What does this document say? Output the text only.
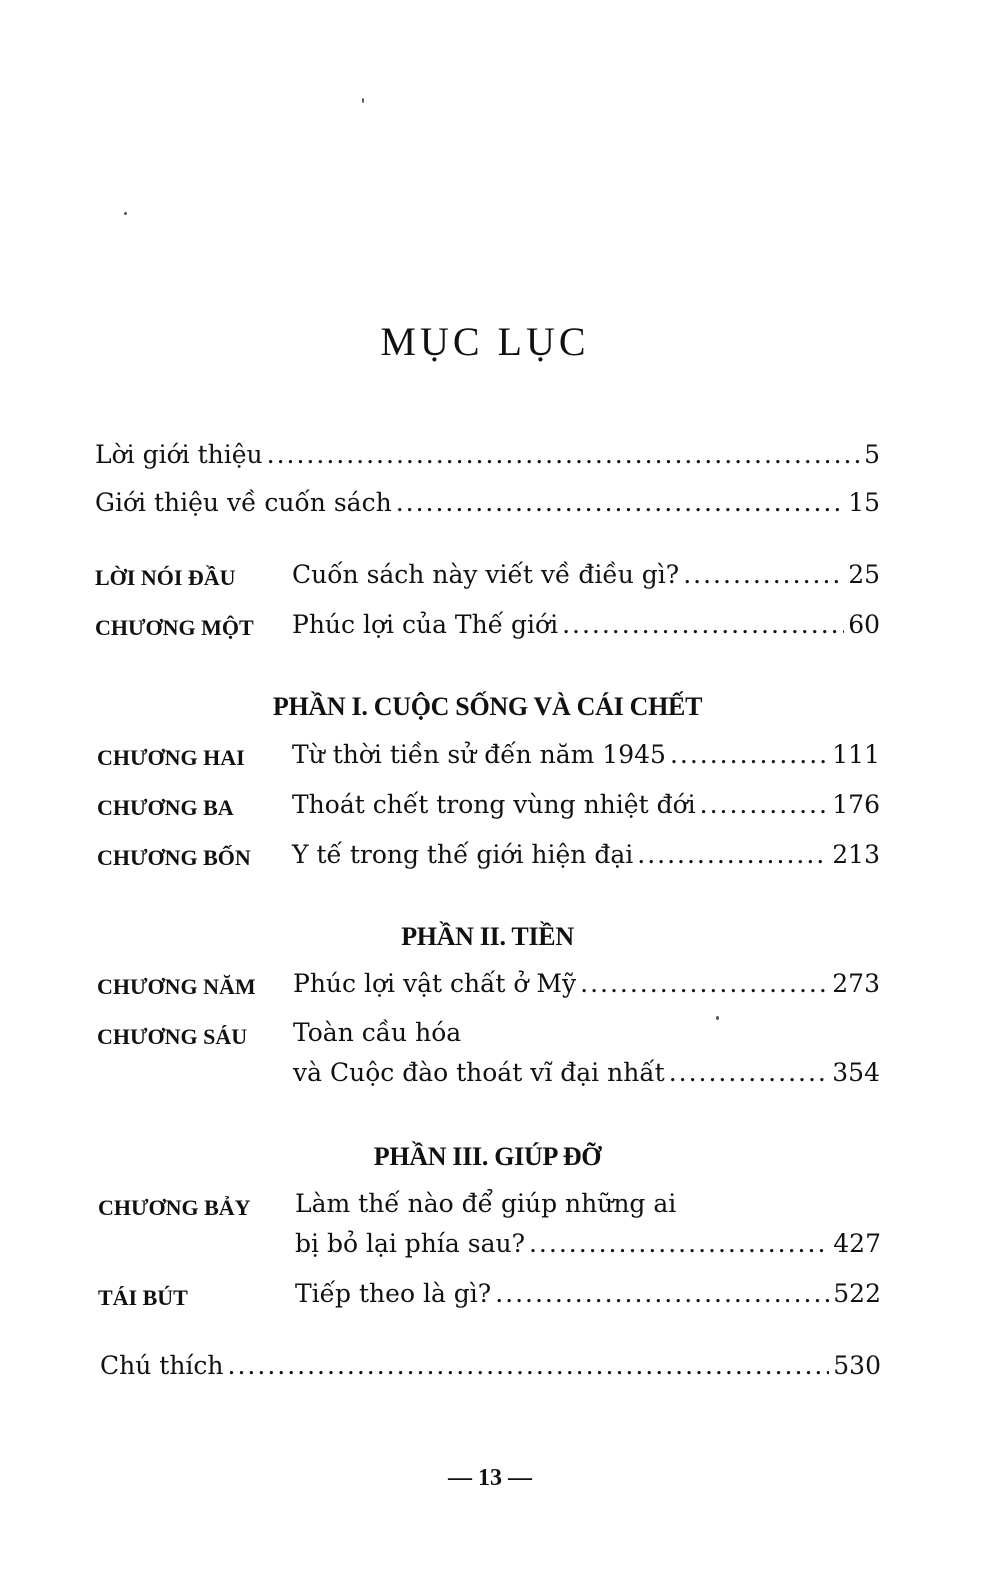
MỤC LỤC
Lời giới thiệu .....	5
Giới thiệu về cuốn sách .....	15
LỜI NÓI ĐẦU Cuốn sách này viết về điều gì? .....	25
CHƯƠNG MỘT Phúc lợi của Thế giới .....	60
PHẦN I. CUỘC SỐNG VÀ CÁI CHẾT
CHƯƠNG HAI Từ thời tiền sử đến năm 1945 .....	111
CHƯƠNG BA Thoát chết trong vùng nhiệt đới .....	176
CHƯƠNG BỐN Y tế trong thế giới hiện đại .....	213
PHẦN II. TIỀN
CHƯƠNG NĂM Phúc lợi vật chất ở Mỹ .....	273
CHƯƠNG SÁU Toàn cầu hóa
và Cuộc đào thoát vĩ đại nhất .....	354
PHẦN III. GIÚP ĐỠ
CHƯƠNG BẢY Làm thế nào để giúp những ai
bị bỏ lại phía sau? .....	427
TÁI BÚT	Tiếp theo là gì? .....	522
Chú thích .....	530
— 13 —
